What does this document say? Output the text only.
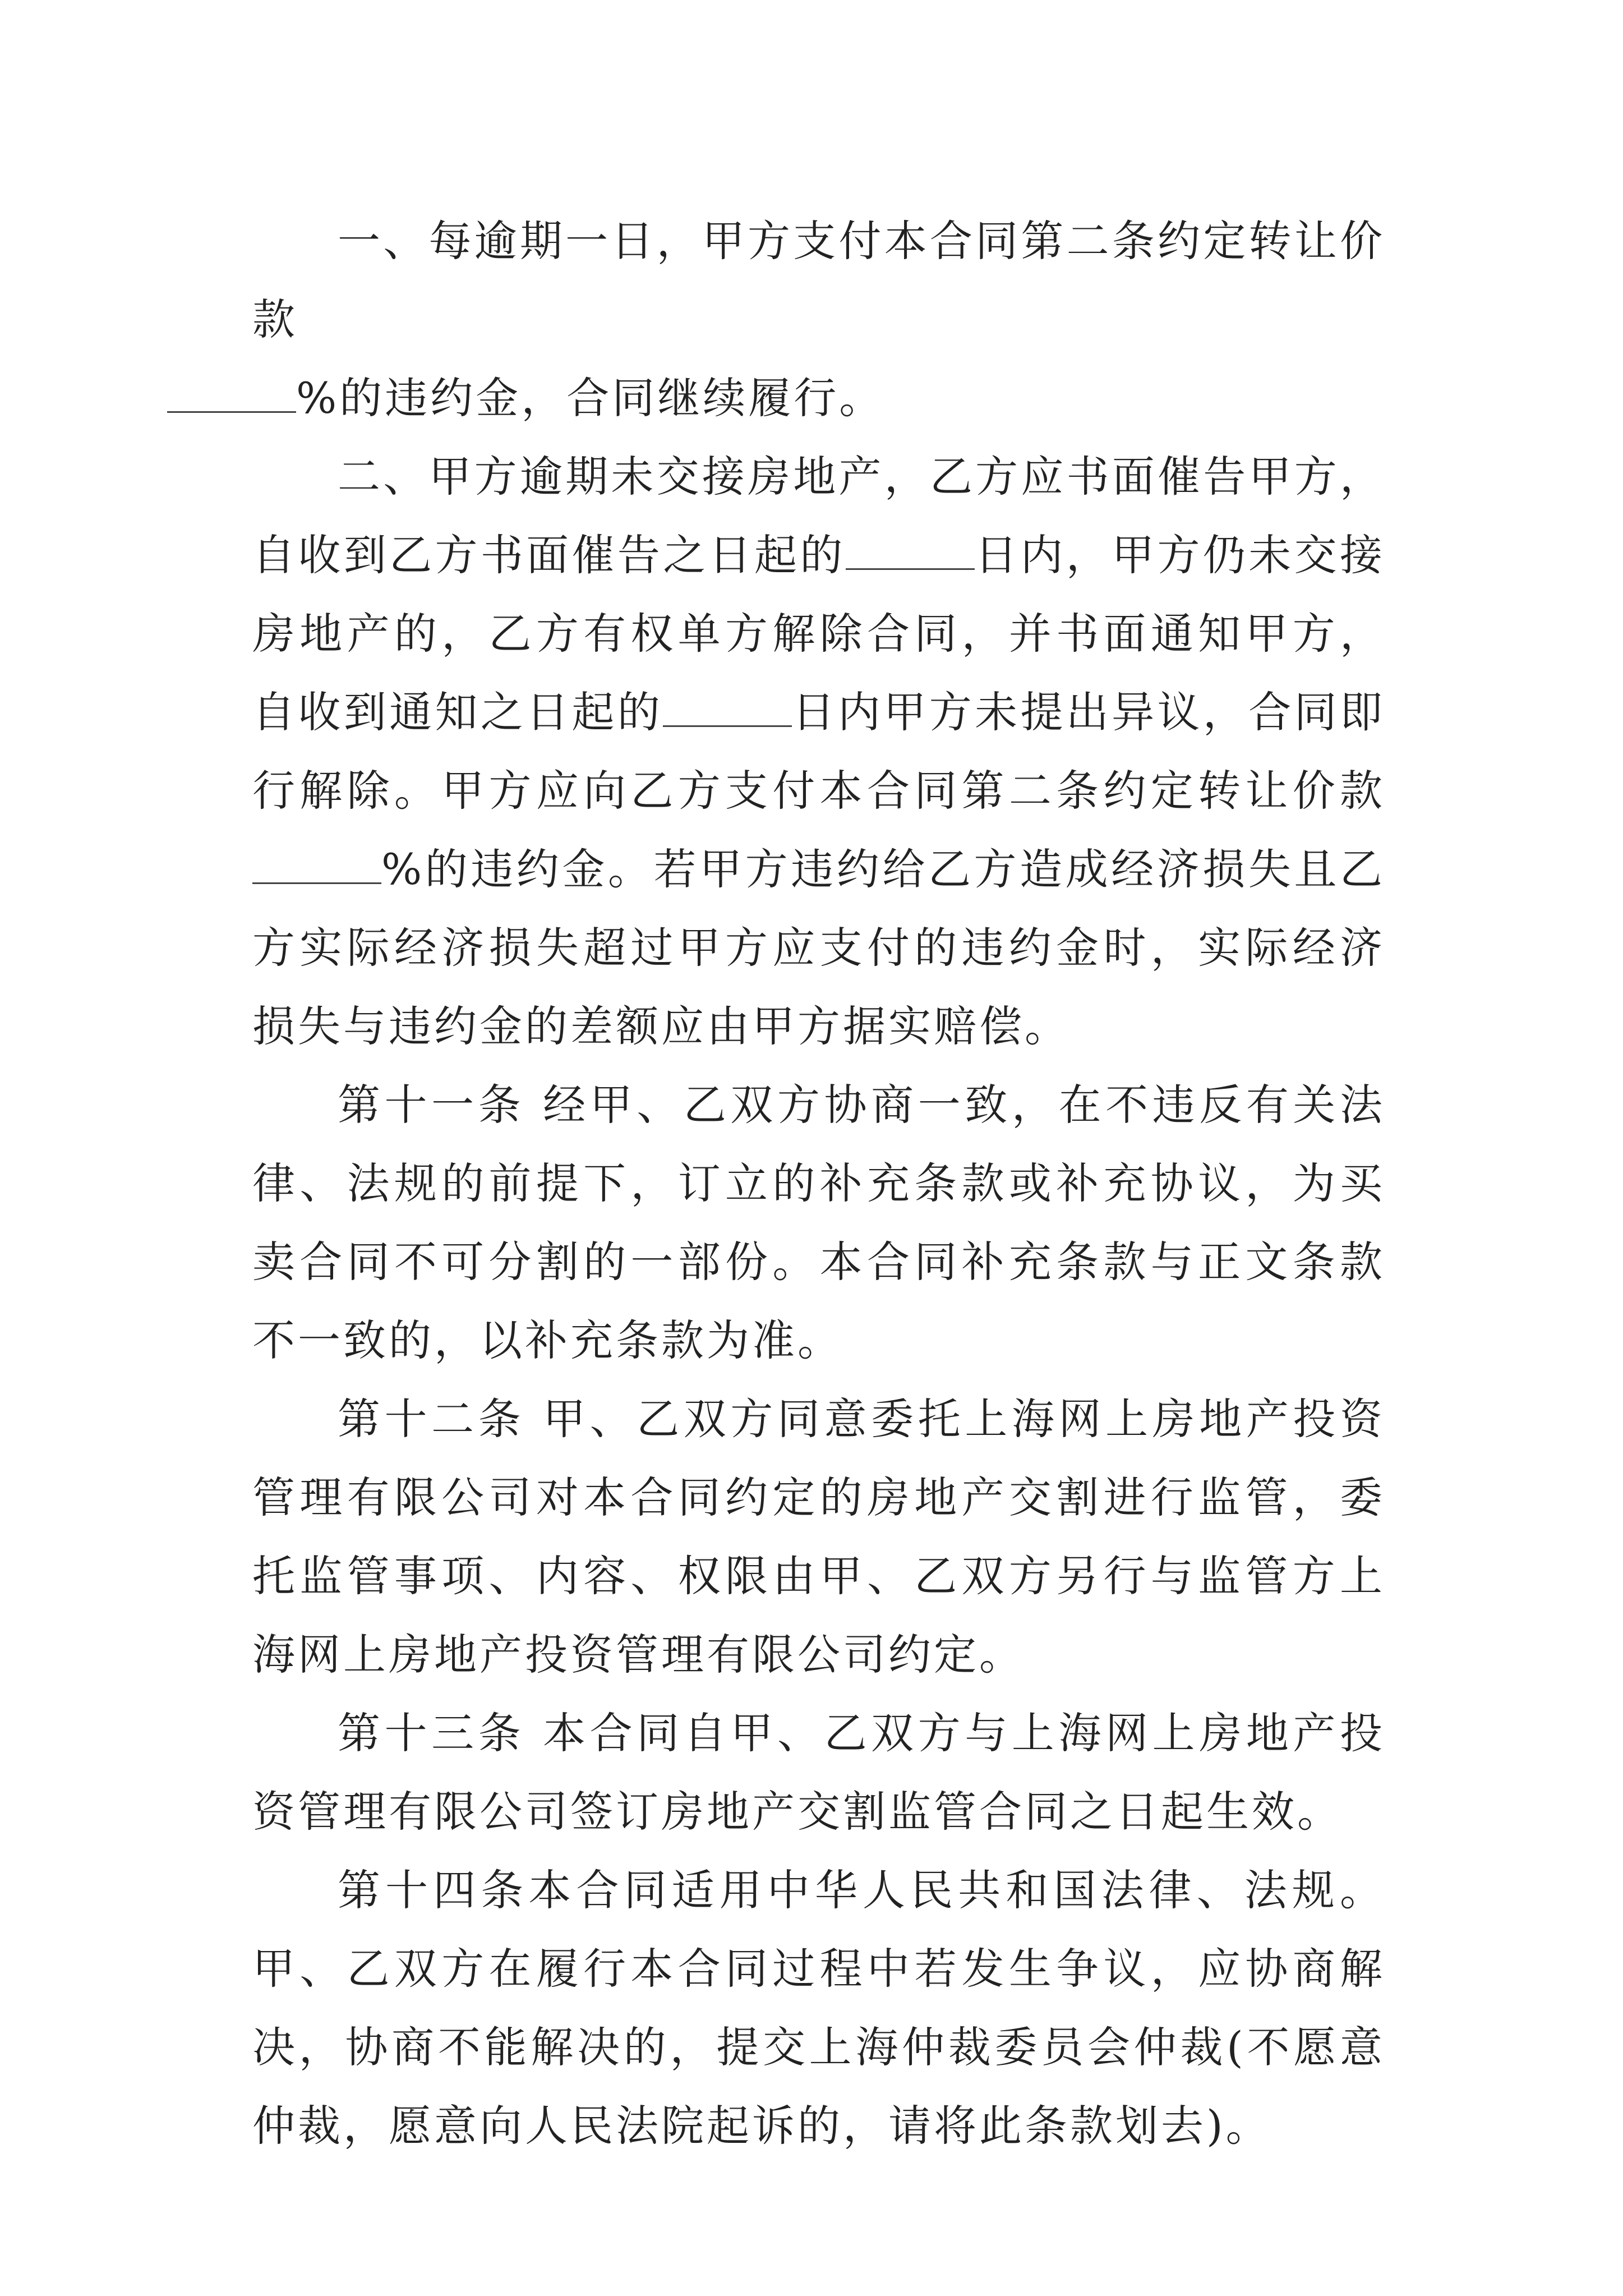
一、每逾期一日，甲方支付本合同第二条约定转让价款
%的违约金，合同继续履行。

二、甲方逾期未交接房地产，乙方应书面催告甲方，自收到乙方书面催告之日起的	日内，甲方仍未交接房地产的，乙方有权单方解除合同，并书面通知甲方，自收到通知之日起的	日内甲方未提出异议，合同即行解除。甲方应向乙方支付本合同第二条约定转让价款%的违约金。若甲方违约给乙方造成经济损失且乙方实际经济损失超过甲方应支付的违约金时，实际经济损失与违约金的差额应由甲方据实赔偿。

第十一条 经甲、乙双方协商一致，在不违反有关法律、法规的前提下，订立的补充条款或补充协议，为买卖合同不可分割的一部份。本合同补充条款与正文条款不一致的，以补充条款为准。

第十二条 甲、乙双方同意委托上海网上房地产投资管理有限公司对本合同约定的房地产交割进行监管，委托监管事项、内容、权限由甲、乙双方另行与监管方上海网上房地产投资管理有限公司约定。

第十三条 本合同自甲、乙双方与上海网上房地产投资管理有限公司签订房地产交割监管合同之日起生效。

第十四条本合同适用中华人民共和国法律、法规。甲、乙双方在履行本合同过程中若发生争议，应协商解决，协商不能解决的，提交上海仲裁委员会仲裁(不愿意仲裁，愿意向人民法院起诉的，请将此条款划去)。
